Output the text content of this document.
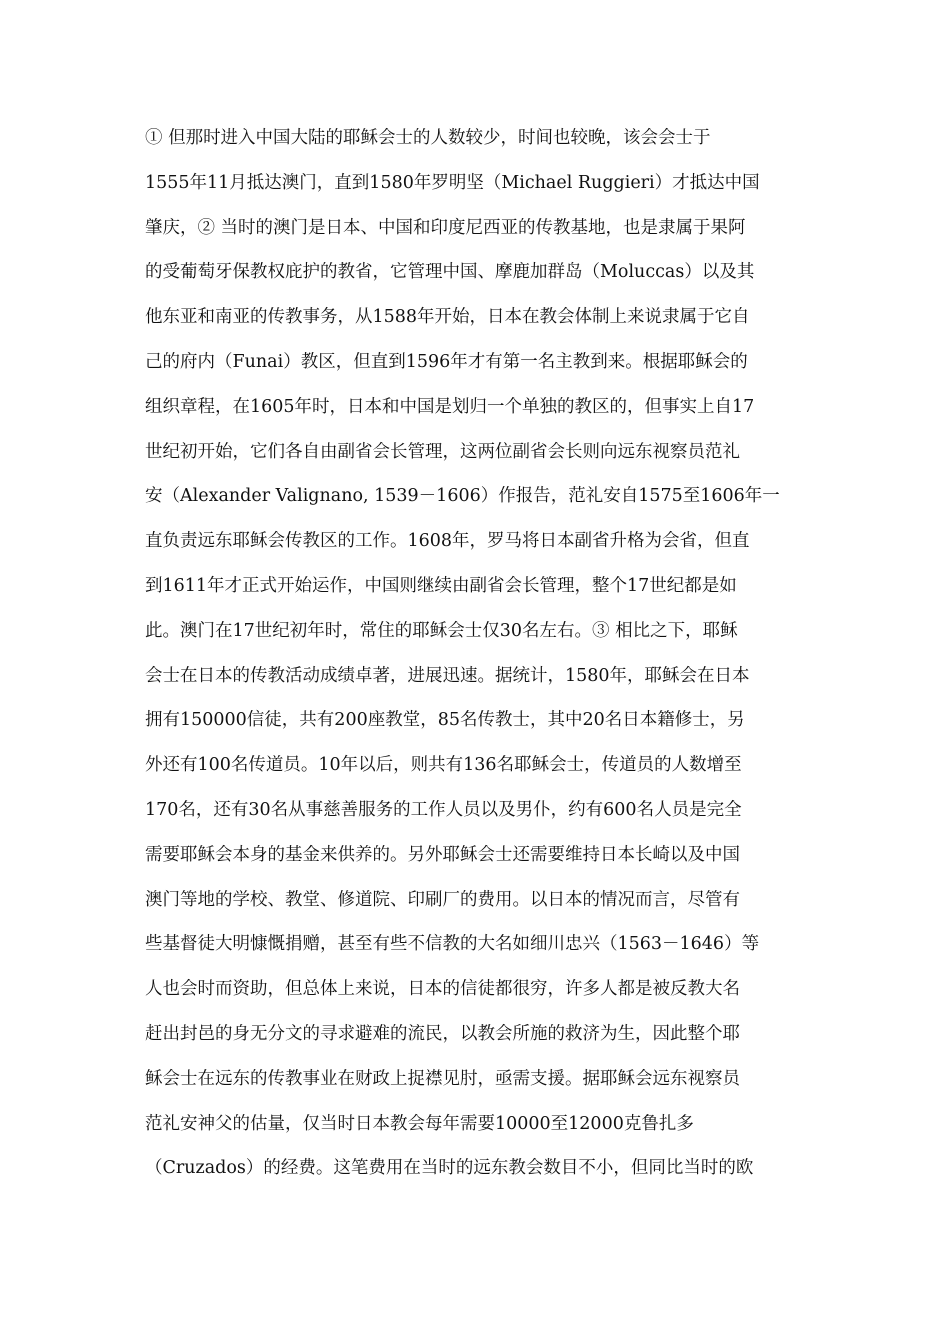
① 但那时进入中国大陆的耶稣会士的人数较少，时间也较晚，该会会士于
1555年11月抵达澳门，直到1580年罗明坚（Michael Ruggieri）才抵达中国
肇庆，② 当时的澳门是日本、中国和印度尼西亚的传教基地，也是隶属于果阿
的受葡萄牙保教权庇护的教省，它管理中国、摩鹿加群岛（Moluccas）以及其
他东亚和南亚的传教事务，从1588年开始，日本在教会体制上来说隶属于它自
己的府内（Funai）教区，但直到1596年才有第一名主教到来。根据耶稣会的
组织章程，在1605年时，日本和中国是划归一个单独的教区的，但事实上自17
世纪初开始，它们各自由副省会长管理，这两位副省会长则向远东视察员范礼
安（Alexander Valignano, 1539－1606）作报告，范礼安自1575至1606年一
直负责远东耶稣会传教区的工作。1608年，罗马将日本副省升格为会省，但直
到1611年才正式开始运作，中国则继续由副省会长管理，整个17世纪都是如
此。澳门在17世纪初年时，常住的耶稣会士仅30名左右。③ 相比之下，耶稣
会士在日本的传教活动成绩卓著，进展迅速。据统计，1580年，耶稣会在日本
拥有150000信徒，共有200座教堂，85名传教士，其中20名日本籍修士，另
外还有100名传道员。10年以后，则共有136名耶稣会士，传道员的人数增至
170名，还有30名从事慈善服务的工作人员以及男仆，约有600名人员是完全
需要耶稣会本身的基金来供养的。另外耶稣会士还需要维持日本长崎以及中国
澳门等地的学校、教堂、修道院、印刷厂的费用。以日本的情况而言，尽管有
些基督徒大明慷慨捐赠，甚至有些不信教的大名如细川忠兴（1563－1646）等
人也会时而资助，但总体上来说，日本的信徒都很穷，许多人都是被反教大名
赶出封邑的身无分文的寻求避难的流民，以教会所施的救济为生，因此整个耶
稣会士在远东的传教事业在财政上捉襟见肘，亟需支援。据耶稣会远东视察员
范礼安神父的估量，仅当时日本教会每年需要10000至12000克鲁扎多
（Cruzados）的经费。这笔费用在当时的远东教会数目不小，但同比当时的欧
